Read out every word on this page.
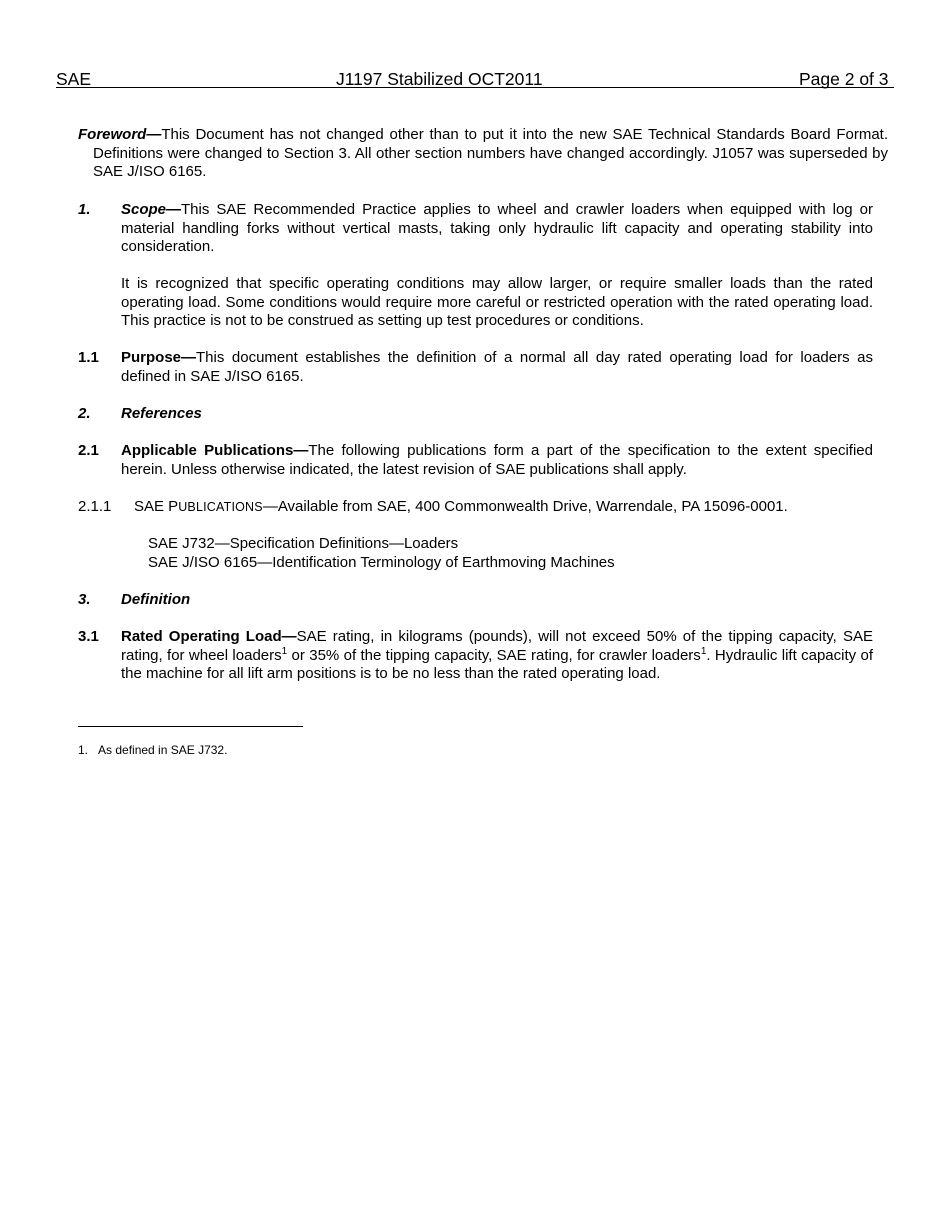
SAE	J1197 Stabilized OCT2011	Page 2 of 3
Foreword—This Document has not changed other than to put it into the new SAE Technical Standards Board Format. Definitions were changed to Section 3. All other section numbers have changed accordingly. J1057 was superseded by SAE J/ISO 6165.
1. Scope—This SAE Recommended Practice applies to wheel and crawler loaders when equipped with log or material handling forks without vertical masts, taking only hydraulic lift capacity and operating stability into consideration.
It is recognized that specific operating conditions may allow larger, or require smaller loads than the rated operating load. Some conditions would require more careful or restricted operation with the rated operating load. This practice is not to be construed as setting up test procedures or conditions.
1.1 Purpose—This document establishes the definition of a normal all day rated operating load for loaders as defined in SAE J/ISO 6165.
2. References
2.1 Applicable Publications—The following publications form a part of the specification to the extent specified herein. Unless otherwise indicated, the latest revision of SAE publications shall apply.
2.1.1 SAE PUBLICATIONS—Available from SAE, 400 Commonwealth Drive, Warrendale, PA 15096-0001.
SAE J732—Specification Definitions—Loaders
SAE J/ISO 6165—Identification Terminology of Earthmoving Machines
3. Definition
3.1 Rated Operating Load—SAE rating, in kilograms (pounds), will not exceed 50% of the tipping capacity, SAE rating, for wheel loaders$^1$ or 35% of the tipping capacity, SAE rating, for crawler loaders$^1$. Hydraulic lift capacity of the machine for all lift arm positions is to be no less than the rated operating load.
1. As defined in SAE J732.
